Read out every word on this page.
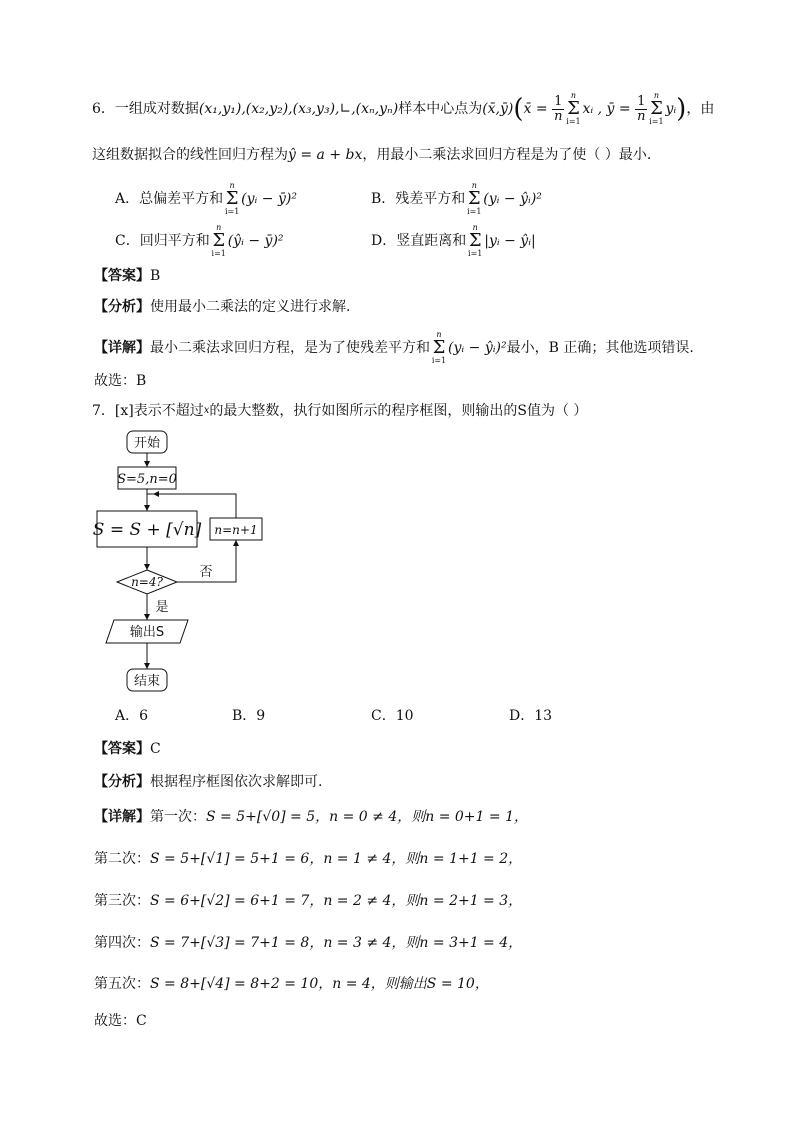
6．一组成对数据(x₁,y₁),(x₂,y₂),(x₃,y₃),∟,(xₙ,yₙ)样本中心点为(x̄,ȳ)(x̄ = $\frac{1}{n}$ n
Σ
i=1
xᵢ , ȳ = $\frac{1}{n}$ n
Σ
i=1
yᵢ)，由
这组数据拟合的线性回归方程为ŷ = a + bx，用最小二乘法求回归方程是为了使（ ）最小.
A．总偏差平方和
n
Σ
i=1
(yᵢ − ȳ)²	B．残差平方和
n
Σ
i=1
(yᵢ − ŷᵢ)²
C．回归平方和
n
Σ
i=1
(ŷᵢ − ȳ)²	D．竖直距离和
n
Σ
i=1
|yᵢ − ŷᵢ|
【答案】B
【分析】使用最小二乘法的定义进行求解.
【详解】最小二乘法求回归方程，是为了使残差平方和
n
Σ
i=1
(yᵢ − ŷᵢ)²最小，B 正确；其他选项错误.
故选：B
7．[x]表示不超过$^x$的最大整数，执行如图所示的程序框图，则输出的S值为（ ）
开始
S=5,n=0
S = S + [√n] n=n+1
n=4?
否
是
输出S
结束
A．6	B．9	C．10	D．13
【答案】C
【分析】根据程序框图依次求解即可.
【详解】第一次：S = 5+[√0] = 5，n = 0 ≠ 4，则n = 0+1 = 1，
第二次：S = 5+[√1] = 5+1 = 6，n = 1 ≠ 4，则n = 1+1 = 2，
第三次：S = 6+[√2] = 6+1 = 7，n = 2 ≠ 4，则n = 2+1 = 3，
第四次：S = 7+[√3] = 7+1 = 8，n = 3 ≠ 4，则n = 3+1 = 4，
第五次：S = 8+[√4] = 8+2 = 10，n = 4，则输出S = 10，
故选：C
